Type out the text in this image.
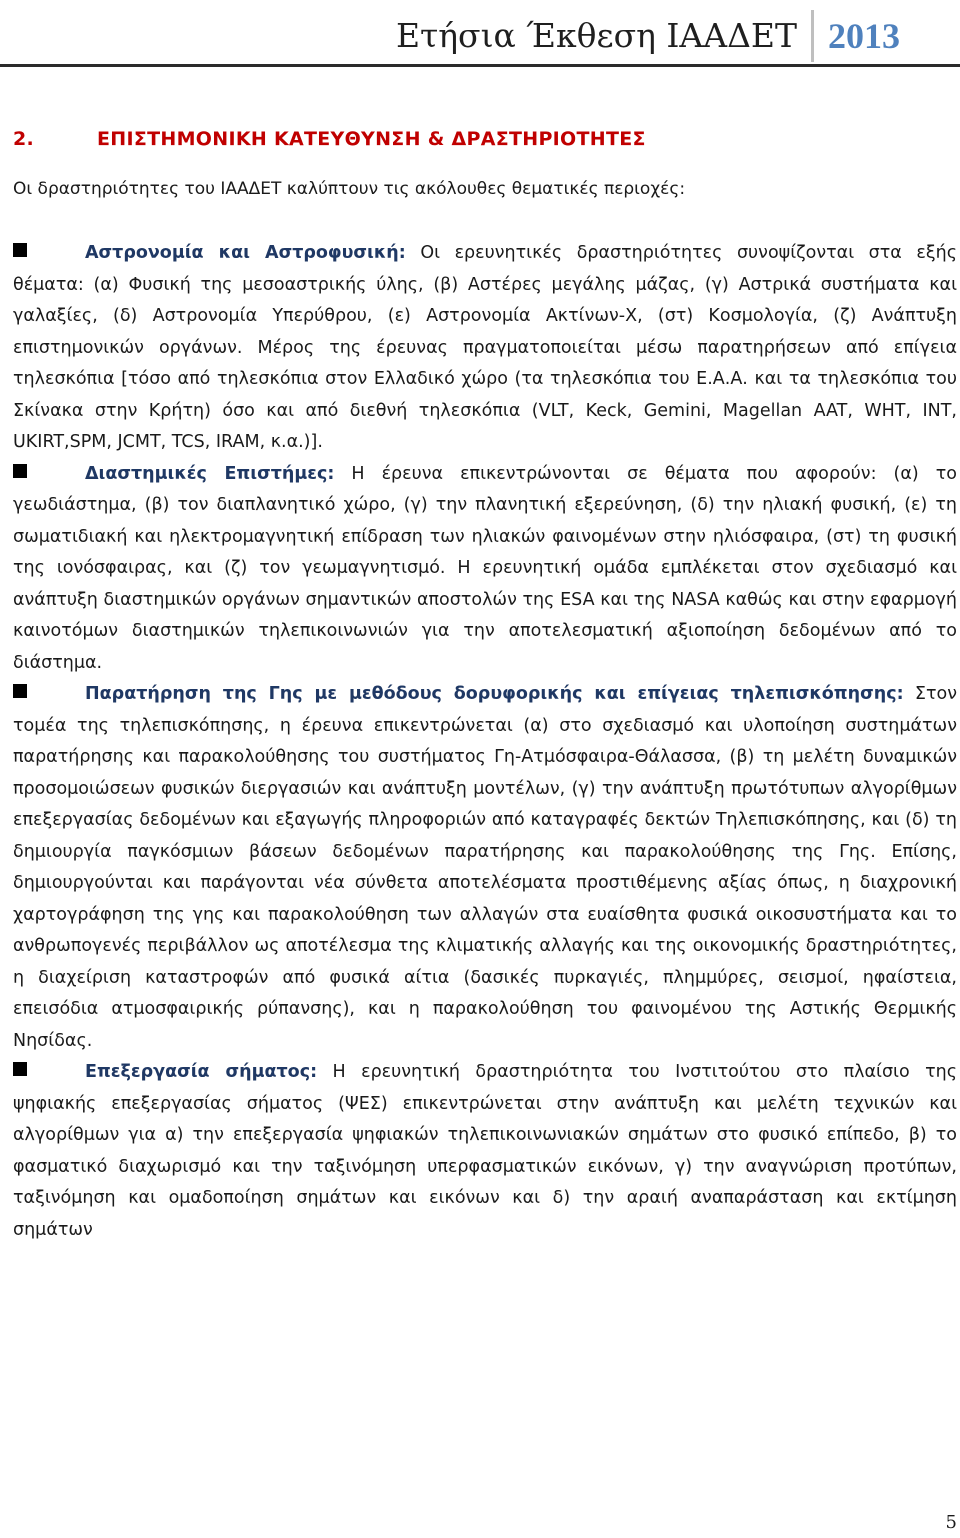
Ετήσια Έκθεση ΙΑΑΔΕΤ 2013
2.	ΕΠΙΣΤΗΜΟΝΙΚΗ ΚΑΤΕΥΘΥΝΣΗ & ΔΡΑΣΤΗΡΙΟΤΗΤΕΣ

Οι δραστηριότητες του ΙΑΑΔΕΤ καλύπτουν τις ακόλουθες θεματικές περιοχές:

Αστρονομία και Αστροφυσική: Οι ερευνητικές δραστηριότητες συνοψίζονται στα εξής θέματα: (α) Φυσική της μεσοαστρικής ύλης, (β) Αστέρες μεγάλης μάζας, (γ) Αστρικά συστήματα και γαλαξίες, (δ) Αστρονομία Υπερύθρου, (ε) Αστρονομία Ακτίνων-Χ, (στ) Κοσμολογία, (ζ) Ανάπτυξη επιστημονικών οργάνων. Μέρος της έρευνας πραγματοποιείται μέσω παρατηρήσεων από επίγεια τηλεσκόπια [τόσο από τηλεσκόπια στον Ελλαδικό χώρο (τα τηλεσκόπια του Ε.Α.Α. και τα τηλεσκόπια του Σκίνακα στην Κρήτη) όσο και από διεθνή τηλεσκόπια (VLT, Keck, Gemini, Magellan AAT, WHT, INT, UKIRT,SPM, JCMT, TCS, IRAM, κ.α.)].

Διαστημικές Επιστήμες: Η έρευνα επικεντρώνονται σε θέματα που αφορούν: (α) το γεωδιάστημα, (β) τον διαπλανητικό χώρο, (γ) την πλανητική εξερεύνηση, (δ) την ηλιακή φυσική, (ε) τη σωματιδιακή και ηλεκτρομαγνητική επίδραση των ηλιακών φαινομένων στην ηλιόσφαιρα, (στ) τη φυσική της ιονόσφαιρας, και (ζ) τον γεωμαγνητισμό. Η ερευνητική ομάδα εμπλέκεται στον σχεδιασμό και ανάπτυξη διαστημικών οργάνων σημαντικών αποστολών της ESA και της NASA καθώς και στην εφαρμογή καινοτόμων διαστημικών τηλεπικοινωνιών για την αποτελεσματική αξιοποίηση δεδομένων από το διάστημα.

Παρατήρηση της Γης με μεθόδους δορυφορικής και επίγειας τηλεπισκόπησης: Στον τομέα της τηλεπισκόπησης, η έρευνα επικεντρώνεται (α) στο σχεδιασμό και υλοποίηση συστημάτων παρατήρησης και παρακολούθησης του συστήματος Γη-Ατμόσφαιρα-Θάλασσα, (β) τη μελέτη δυναμικών προσομοιώσεων φυσικών διεργασιών και ανάπτυξη μοντέλων, (γ) την ανάπτυξη πρωτότυπων αλγορίθμων επεξεργασίας δεδομένων και εξαγωγής πληροφοριών από καταγραφές δεκτών Τηλεπισκόπησης, και (δ) τη δημιουργία παγκόσμιων βάσεων δεδομένων παρατήρησης και παρακολούθησης της Γης. Επίσης, δημιουργούνται και παράγονται νέα σύνθετα αποτελέσματα προστιθέμενης αξίας όπως, η διαχρονική χαρτογράφηση της γης και παρακολούθηση των αλλαγών στα ευαίσθητα φυσικά οικοσυστήματα και το ανθρωπογενές περιβάλλον ως αποτέλεσμα της κλιματικής αλλαγής και της οικονομικής δραστηριότητες, η διαχείριση καταστροφών από φυσικά αίτια (δασικές πυρκαγιές, πλημμύρες, σεισμοί, ηφαίστεια, επεισόδια ατμοσφαιρικής ρύπανσης), και η παρακολούθηση του φαινομένου της Αστικής Θερμικής Νησίδας.

Επεξεργασία σήματος: Η ερευνητική δραστηριότητα του Ινστιτούτου στο πλαίσιο της ψηφιακής επεξεργασίας σήματος (ΨΕΣ) επικεντρώνεται στην ανάπτυξη και μελέτη τεχνικών και αλγορίθμων για α) την επεξεργασία ψηφιακών τηλεπικοινωνιακών σημάτων στο φυσικό επίπεδο, β) το φασματικό διαχωρισμό και την ταξινόμηση υπερφασματικών εικόνων, γ) την αναγνώριση προτύπων, ταξινόμηση και ομαδοποίηση σημάτων και εικόνων και δ) την αραιή αναπαράσταση και εκτίμηση σημάτων

5
